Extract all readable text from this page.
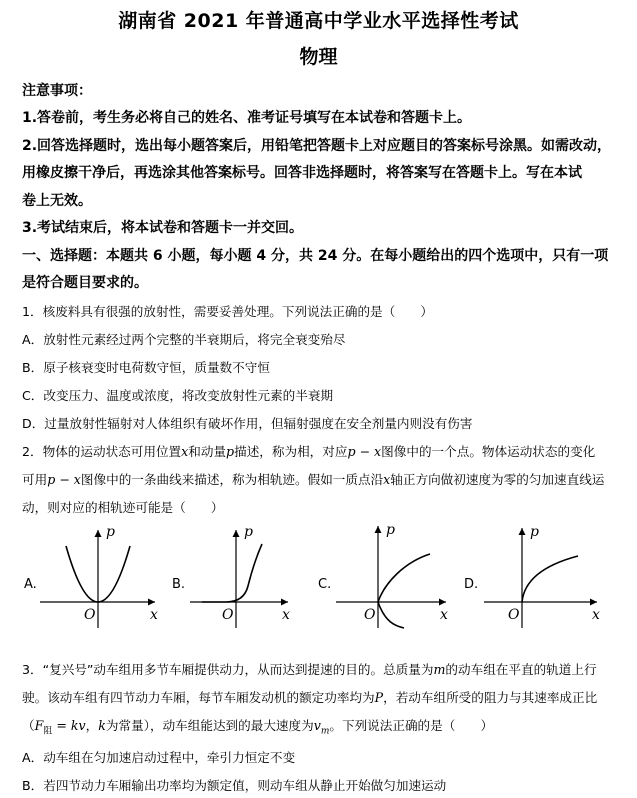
湖南省 2021 年普通高中学业水平选择性考试
物理
注意事项：
1.答卷前，考生务必将自己的姓名、准考证号填写在本试卷和答题卡上。
2.回答选择题时，选出每小题答案后，用铅笔把答题卡上对应题目的答案标号涂黑。如需改动，
用橡皮擦干净后，再选涂其他答案标号。回答非选择题时，将答案写在答题卡上。写在本试
卷上无效。
3.考试结束后，将本试卷和答题卡一并交回。
一、选择题：本题共 6 小题，每小题 4 分，共 24 分。在每小题给出的四个选项中，只有一项
是符合题目要求的。
1．核废料具有很强的放射性，需要妥善处理。下列说法正确的是（　　）
A．放射性元素经过两个完整的半衰期后，将完全衰变殆尽
B．原子核衰变时电荷数守恒，质量数不守恒
C．改变压力、温度或浓度，将改变放射性元素的半衰期
D．过量放射性辐射对人体组织有破坏作用，但辐射强度在安全剂量内则没有伤害
2．物体的运动状态可用位置x和动量p描述，称为相，对应p − x图像中的一个点。物体运动状态的变化
可用p − x图像中的一条曲线来描述，称为相轨迹。假如一质点沿x轴正方向做初速度为零的匀加速直线运
动，则对应的相轨迹可能是（　　）
A.	B.	C.	D.
p
x
O
p
x
O
p
x
O
p
x
O
3．“复兴号”动车组用多节车厢提供动力，从而达到提速的目的。总质量为m的动车组在平直的轨道上行
驶。该动车组有四节动力车厢，每节车厢发动机的额定功率均为P，若动车组所受的阻力与其速率成正比
（$F_阻$ = kv，k为常量），动车组能达到的最大速度为$v_m$。下列说法正确的是（　　）
A．动车组在匀加速启动过程中，牵引力恒定不变
B．若四节动力车厢输出功率均为额定值，则动车组从静止开始做匀加速运动
